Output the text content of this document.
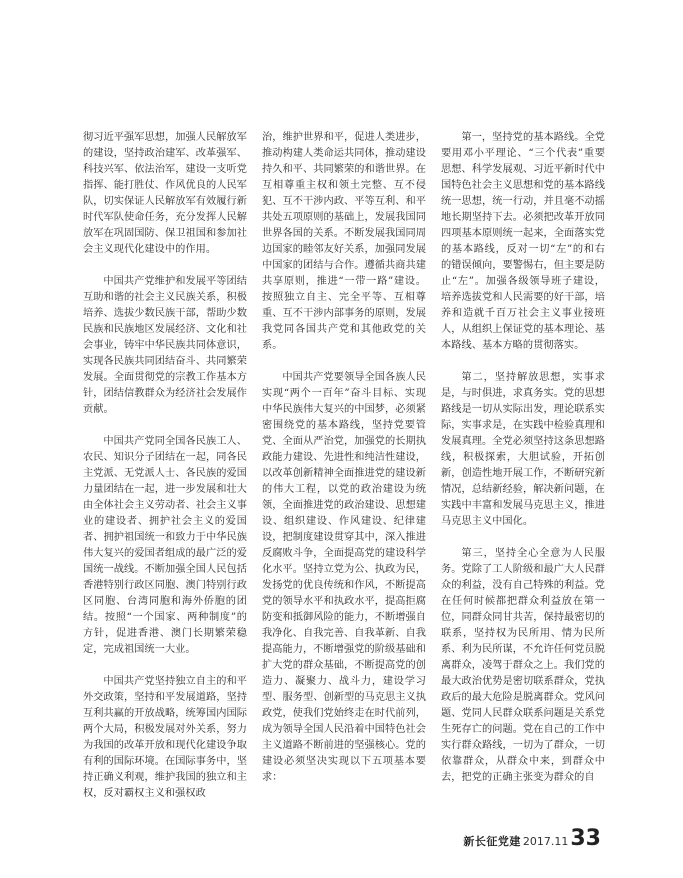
彻习近平强军思想，加强人民解放军的建设，坚持政治建军、改革强军、科技兴军、依法治军，建设一支听党指挥、能打胜仗、作风优良的人民军队，切实保证人民解放军有效履行新时代军队使命任务，充分发挥人民解放军在巩固国防、保卫祖国和参加社会主义现代化建设中的作用。

中国共产党维护和发展平等团结互助和谐的社会主义民族关系，积极培养、选拔少数民族干部，帮助少数民族和民族地区发展经济、文化和社会事业，铸牢中华民族共同体意识，实现各民族共同团结奋斗、共同繁荣发展。全面贯彻党的宗教工作基本方针，团结信教群众为经济社会发展作贡献。

中国共产党同全国各民族工人、农民、知识分子团结在一起，同各民主党派、无党派人士、各民族的爱国力量团结在一起，进一步发展和壮大由全体社会主义劳动者、社会主义事业的建设者、拥护社会主义的爱国者、拥护祖国统一和致力于中华民族伟大复兴的爱国者组成的最广泛的爱国统一战线。不断加强全国人民包括香港特别行政区同胞、澳门特别行政区同胞、台湾同胞和海外侨胞的团结。按照“一个国家、两种制度”的方针，促进香港、澳门长期繁荣稳定，完成祖国统一大业。

中国共产党坚持独立自主的和平外交政策，坚持和平发展道路，坚持互利共赢的开放战略，统筹国内国际两个大局，积极发展对外关系，努力为我国的改革开放和现代化建设争取有利的国际环境。在国际事务中，坚持正确义利观，维护我国的独立和主权，反对霸权主义和强权政

治，维护世界和平，促进人类进步，推动构建人类命运共同体，推动建设持久和平、共同繁荣的和谐世界。在互相尊重主权和领土完整、互不侵犯、互不干涉内政、平等互利、和平共处五项原则的基础上，发展我国同世界各国的关系。不断发展我国同周边国家的睦邻友好关系，加强同发展中国家的团结与合作。遵循共商共建共享原则，推进“一带一路”建设。按照独立自主、完全平等、互相尊重、互不干涉内部事务的原则，发展我党同各国共产党和其他政党的关系。

中国共产党要领导全国各族人民实现“两个一百年”奋斗目标、实现中华民族伟大复兴的中国梦，必须紧密围绕党的基本路线，坚持党要管党、全面从严治党，加强党的长期执政能力建设、先进性和纯洁性建设，以改革创新精神全面推进党的建设新的伟大工程，以党的政治建设为统领，全面推进党的政治建设、思想建设、组织建设、作风建设、纪律建设，把制度建设贯穿其中，深入推进反腐败斗争，全面提高党的建设科学化水平。坚持立党为公、执政为民，发扬党的优良传统和作风，不断提高党的领导水平和执政水平，提高拒腐防变和抵御风险的能力，不断增强自我净化、自我完善、自我革新、自我提高能力，不断增强党的阶级基础和扩大党的群众基础，不断提高党的创造力、凝聚力、战斗力，建设学习型、服务型、创新型的马克思主义执政党，使我们党始终走在时代前列，成为领导全国人民沿着中国特色社会主义道路不断前进的坚强核心。党的建设必须坚决实现以下五项基本要求：

第一，坚持党的基本路线。全党要用邓小平理论、“三个代表”重要思想、科学发展观、习近平新时代中国特色社会主义思想和党的基本路线统一思想，统一行动，并且毫不动摇地长期坚持下去。必须把改革开放同四项基本原则统一起来，全面落实党的基本路线，反对一切“左”的和右的错误倾向，要警惕右，但主要是防止“左”。加强各级领导班子建设，培养选拔党和人民需要的好干部，培养和造就千百万社会主义事业接班人，从组织上保证党的基本理论、基本路线、基本方略的贯彻落实。

第二，坚持解放思想，实事求是，与时俱进，求真务实。党的思想路线是一切从实际出发，理论联系实际，实事求是，在实践中检验真理和发展真理。全党必须坚持这条思想路线，积极探索，大胆试验，开拓创新，创造性地开展工作，不断研究新情况，总结新经验，解决新问题，在实践中丰富和发展马克思主义，推进马克思主义中国化。

第三，坚持全心全意为人民服务。党除了工人阶级和最广大人民群众的利益，没有自己特殊的利益。党在任何时候都把群众利益放在第一位，同群众同甘共苦，保持最密切的联系，坚持权为民所用、情为民所系、利为民所谋，不允许任何党员脱离群众，凌驾于群众之上。我们党的最大政治优势是密切联系群众，党执政后的最大危险是脱离群众。党风问题、党同人民群众联系问题是关系党生死存亡的问题。党在自己的工作中实行群众路线，一切为了群众，一切依靠群众，从群众中来，到群众中去，把党的正确主张变为群众的自

新长征党建 2017.11 33
